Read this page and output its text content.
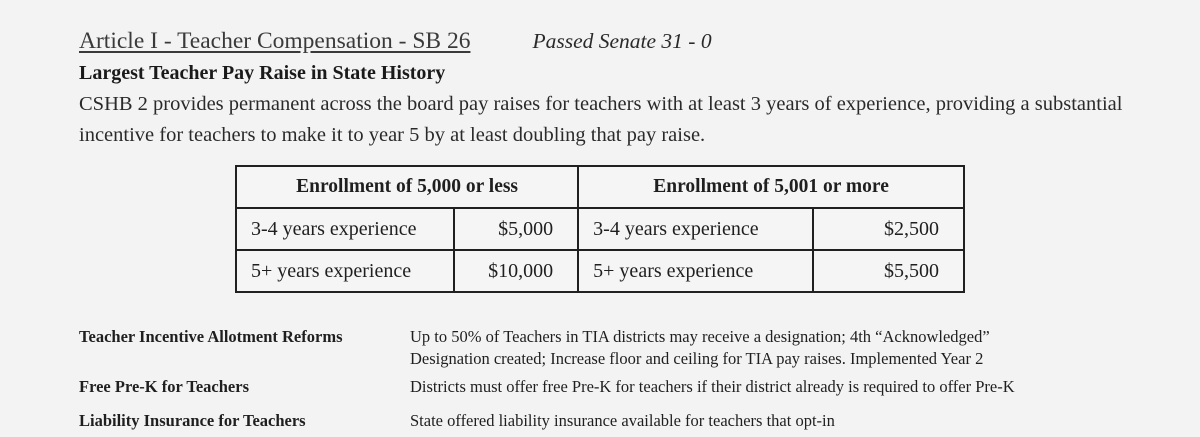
Article I - Teacher Compensation - SB 26	Passed Senate 31 - 0
Largest Teacher Pay Raise in State History
CSHB 2 provides permanent across the board pay raises for teachers with at least 3 years of experience, providing a substantial incentive for teachers to make it to year 5 by at least doubling that pay raise.
Enrollment of 5,000 or less		Enrollment of 5,001 or more	
3-4 years experience	$5,000	3-4 years experience	$2,500
5+ years experience	$10,000	5+ years experience	$5,500
Teacher Incentive Allotment Reforms	Up to 50% of Teachers in TIA districts may receive a designation; 4th “Acknowledged”
Designation created; Increase floor and ceiling for TIA pay raises. Implemented Year 2
Free Pre-K for Teachers	Districts must offer free Pre-K for teachers if their district already is required to offer Pre-K
Liability Insurance for Teachers	State offered liability insurance available for teachers that opt-in
